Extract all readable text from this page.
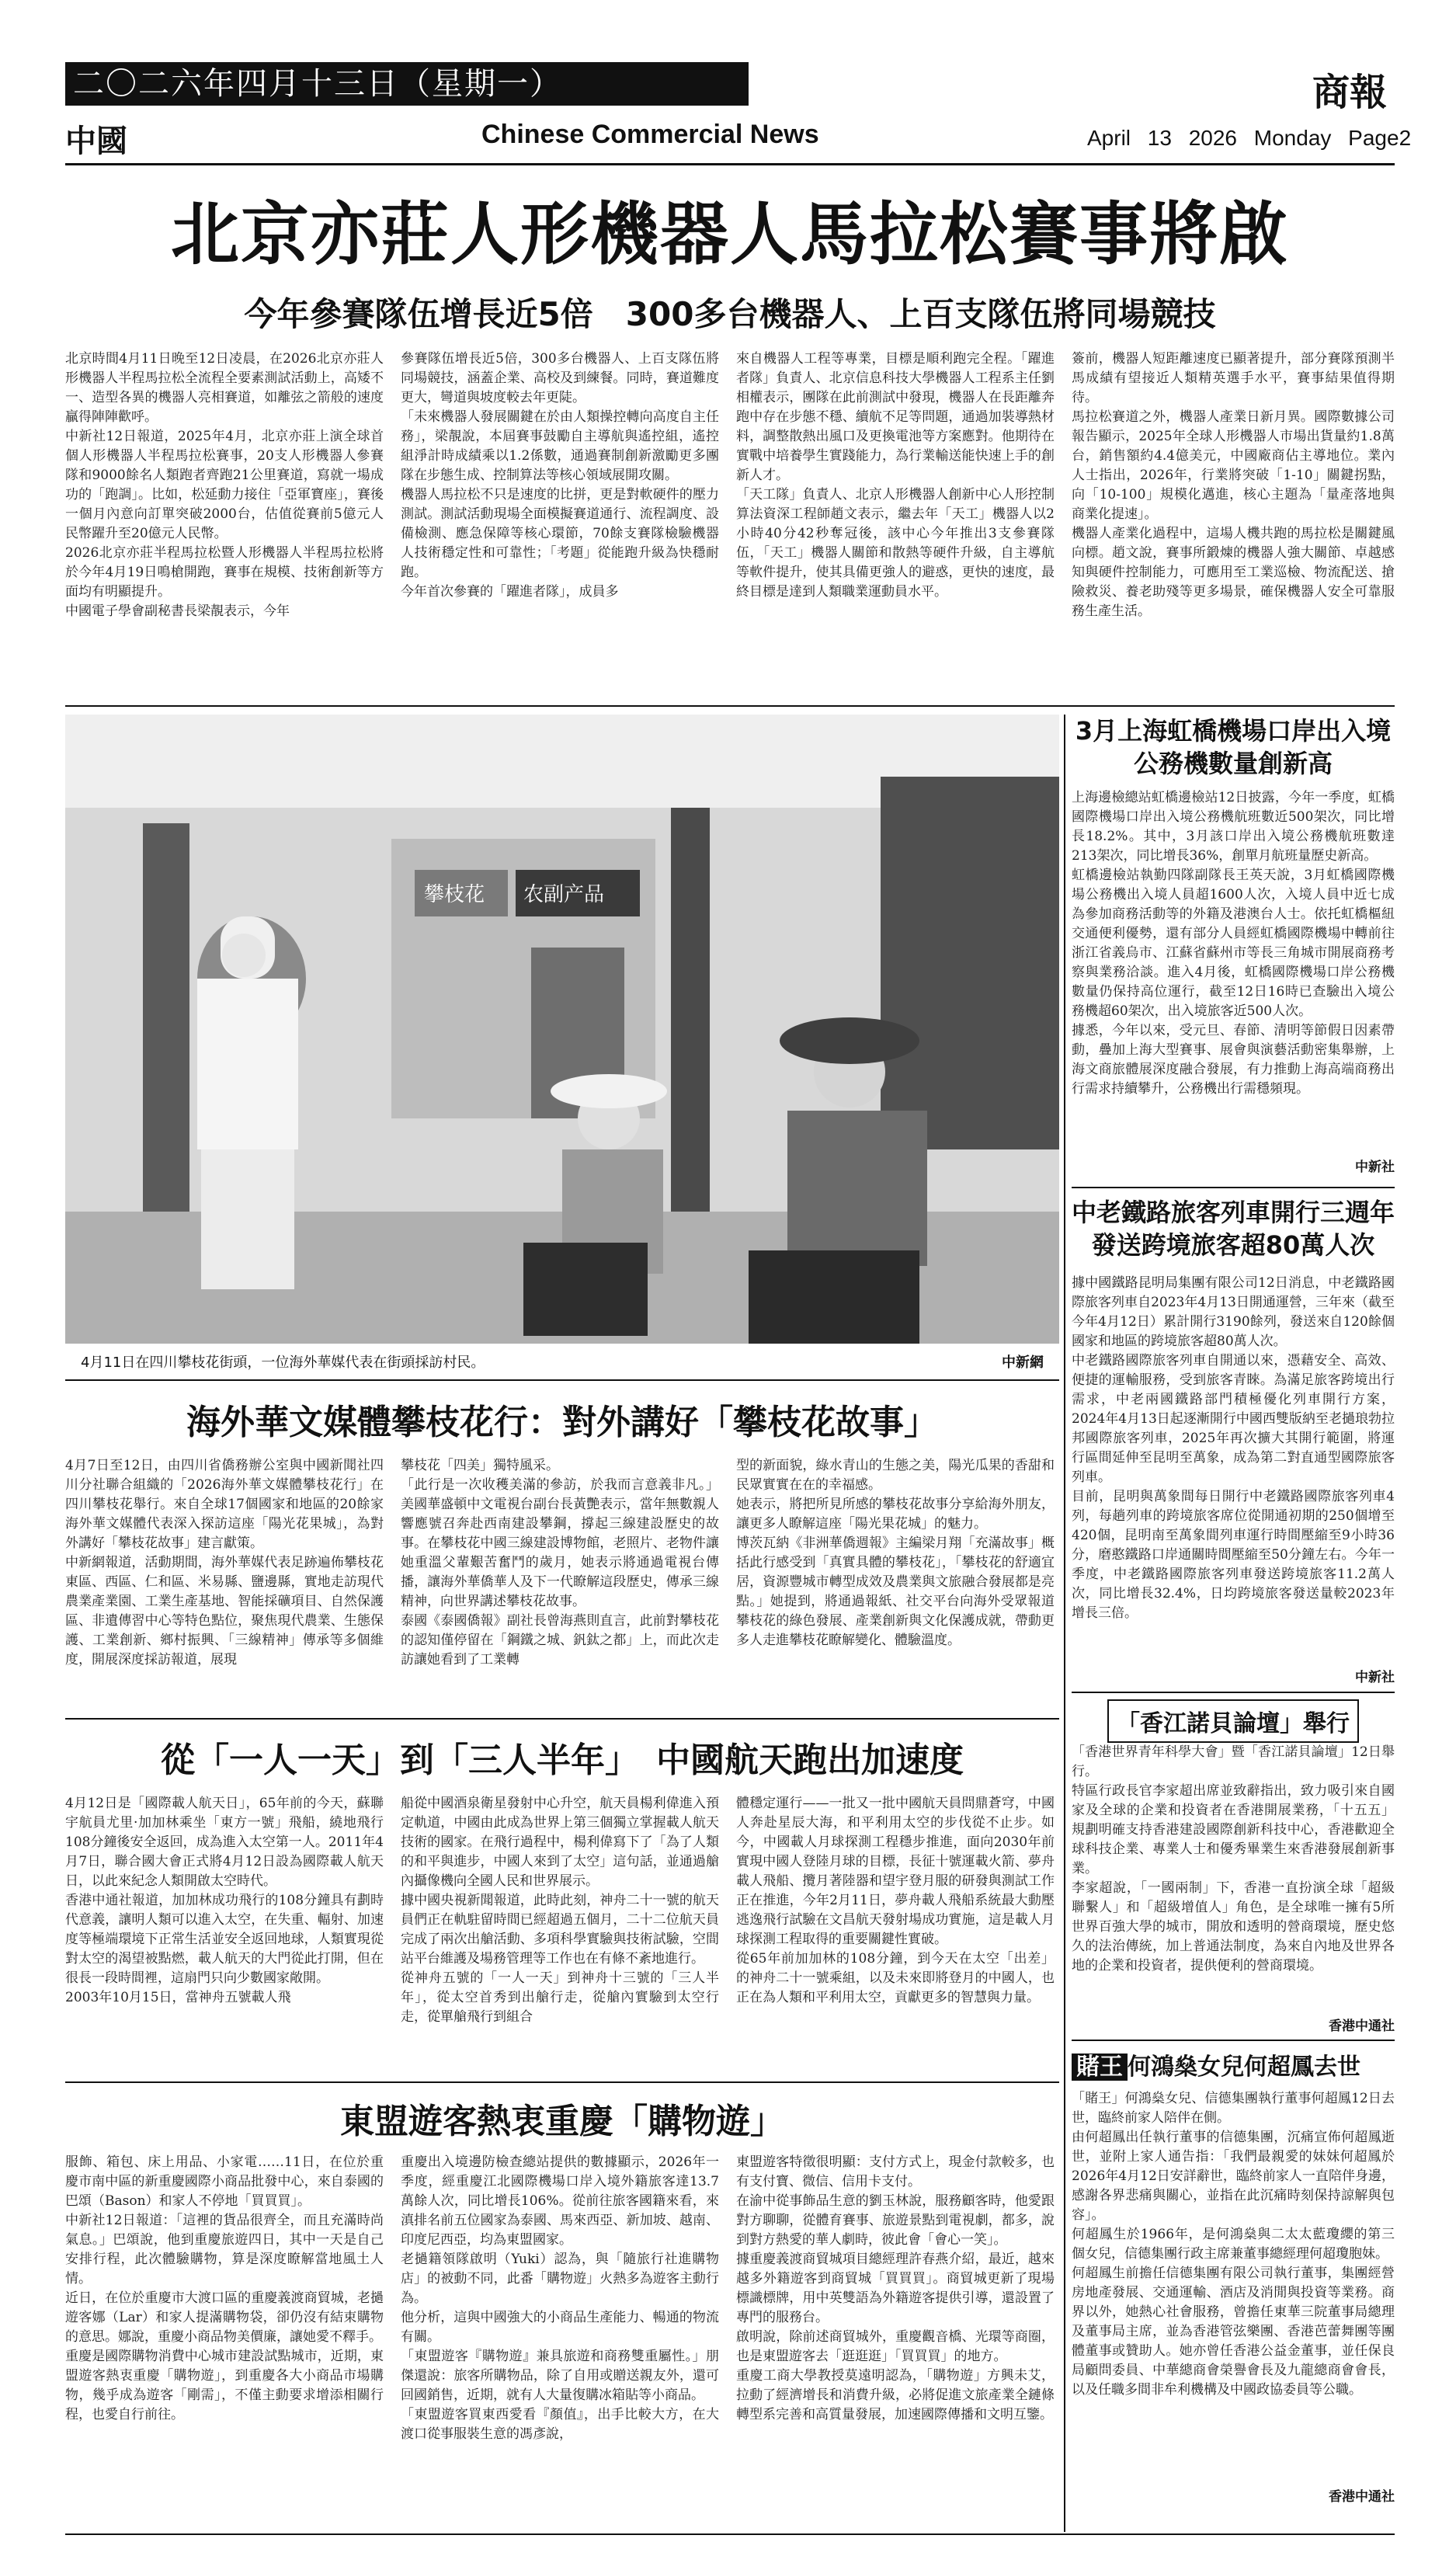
二〇二六年四月十三日（星期一）	商報
中國	Chinese Commercial News	April 13 2026 Monday Page2
北京亦莊人形機器人馬拉松賽事將啟
今年參賽隊伍增長近5倍　300多台機器人、上百支隊伍將同場競技
北京時間4月11日晚至12日凌晨，在2026北京亦莊人形機器人半程馬拉松全流程全要素測試活動上，高矮不一、造型各異的機器人亮相賽道，如離弦之箭般的速度贏得陣陣歡呼。
中新社12日報道，2025年4月，北京亦莊上演全球首個人形機器人半程馬拉松賽事，20支人形機器人參賽隊和9000餘名人類跑者齊跑21公里賽道，寫就一場成功的「跑調」。比如，松延動力接住「亞軍寶座」，賽後一個月內意向訂單突破2000台，估值從賽前5億元人民幣躍升至20億元人民幣。
2026北京亦莊半程馬拉松暨人形機器人半程馬拉松將於今年4月19日鳴槍開跑，賽事在規模、技術創新等方面均有明顯提升。
中國電子學會副秘書長梁靚表示，今年
參賽隊伍增長近5倍，300多台機器人、上百支隊伍將同場競技，涵蓋企業、高校及到練餐。同時，賽道難度更大，彎道與坡度較去年更陡。
「未來機器人發展關鍵在於由人類操控轉向高度自主任務」，梁靚說，本屆賽事鼓勵自主導航與遙控組，遙控組淨計時成績乘以1.2係數，通過賽制創新激勵更多團隊在步態生成、控制算法等核心領域展開攻關。
機器人馬拉松不只是速度的比拼，更是對軟硬件的壓力測試。測試活動現場全面模擬賽道通行、流程調度、設備檢測、應急保障等核心環節，70餘支賽隊檢驗機器人技術穩定性和可靠性；「考題」從能跑升級為快穩耐跑。
今年首次參賽的「躍進者隊」，成員多
來自機器人工程等專業，目標是順利跑完全程。「躍進者隊」負責人、北京信息科技大學機器人工程系主任劉相權表示，團隊在此前測試中發現，機器人在長距離奔跑中存在步態不穩、續航不足等問題，通過加裝導熱材料，調整散熱出風口及更換電池等方案應對。他期待在實戰中培養學生實踐能力，為行業輸送能快速上手的創新人才。
「天工隊」負責人、北京人形機器人創新中心人形控制算法資深工程師趙文表示，繼去年「天工」機器人以2小時40分42秒奪冠後，該中心今年推出3支參賽隊伍，「天工」機器人關節和散熱等硬件升級，自主導航等軟件提升，使其具備更強人的避惑，更快的速度，最終目標是達到人類職業運動員水平。
簽前，機器人短距離速度已顯著提升，部分賽隊預測半馬成績有望接近人類精英選手水平，賽事結果值得期待。
馬拉松賽道之外，機器人產業日新月異。國際數據公司報告顯示，2025年全球人形機器人市場出貨量約1.8萬台，銷售額約4.4億美元，中國廠商佔主導地位。業內人士指出，2026年，行業將突破「1-10」關鍵拐點，向「10-100」規模化邁進，核心主題為「量產落地與商業化提速」。
機器人產業化過程中，這場人機共跑的馬拉松是關鍵風向標。趙文說，賽事所鍛煉的機器人強大關節、卓越感知與硬件控制能力，可應用至工業巡檢、物流配送、搶險救災、養老助殘等更多場景，確保機器人安全可靠服務生產生活。
攀枝花 农副产品
4月11日在四川攀枝花街頭，一位海外華媒代表在街頭採訪村民。	中新網
3月上海虹橋機場口岸出入境公務機數量創新高
上海邊檢總站虹橋邊檢站12日披露，今年一季度，虹橋國際機場口岸出入境公務機航班數近500架次，同比增長18.2%。其中，3月該口岸出入境公務機航班數達213架次，同比增長36%，創單月航班量歷史新高。
虹橋邊檢站執勤四隊副隊長王英天說，3月虹橋國際機場公務機出入境人員超1600人次，入境人員中近七成為參加商務活動等的外籍及港澳台人士。依托虹橋樞紐交通便利優勢，還有部分人員經虹橋國際機場中轉前往浙江省義烏市、江蘇省蘇州市等長三角城市開展商務考察與業務洽談。進入4月後，虹橋國際機場口岸公務機數量仍保持高位運行，截至12日16時已查驗出入境公務機超60架次，出入境旅客近500人次。
據悉，今年以來，受元旦、春節、清明等節假日因素帶動，疊加上海大型賽事、展會與演藝活動密集舉辦，上海文商旅體展深度融合發展，有力推動上海高端商務出行需求持續攀升，公務機出行需穩頻現。
中新社
中老鐵路旅客列車開行三週年發送跨境旅客超80萬人次
據中國鐵路昆明局集團有限公司12日消息，中老鐵路國際旅客列車自2023年4月13日開通運營，三年來（截至今年4月12日）累計開行3190餘列，發送來自120餘個國家和地區的跨境旅客超80萬人次。
中老鐵路國際旅客列車自開通以來，憑藉安全、高效、便捷的運輸服務，受到旅客青睞。為滿足旅客跨境出行需求，中老兩國鐵路部門積極優化列車開行方案，2024年4月13日起逐漸開行中國西雙版納至老撾琅勃拉邦國際旅客列車，2025年再次擴大其開行範圍，將運行區間延伸至昆明至萬象，成為第二對直通型國際旅客列車。
目前，昆明與萬象間每日開行中老鐵路國際旅客列車4列，每趟列車的跨境旅客席位從開通初期的250個增至420個，昆明南至萬象間列車運行時間壓縮至9小時36分，磨憨鐵路口岸通關時間壓縮至50分鐘左右。今年一季度，中老鐵路國際旅客列車發送跨境旅客11.2萬人次，同比增長32.4%，日均跨境旅客發送量較2023年增長三倍。
中新社
「香江諾貝論壇」舉行
「香港世界青年科學大會」暨「香江諾貝論壇」12日舉行。
特區行政長官李家超出席並致辭指出，致力吸引來自國家及全球的企業和投資者在香港開展業務，「十五五」規劃明確支持香港建設國際創新科技中心，香港歡迎全球科技企業、專業人士和優秀畢業生來香港發展創新事業。
李家超說，「一國兩制」下，香港一直扮演全球「超級聯繫人」和「超級增值人」角色，是全球唯一擁有5所世界百強大學的城市，開放和透明的營商環境，歷史悠久的法治傳統，加上普通法制度，為來自內地及世界各地的企業和投資者，提供便利的營商環境。
香港中通社
賭王 何鴻燊女兒何超鳳去世
「賭王」何鴻燊女兒、信德集團執行董事何超鳳12日去世，臨終前家人陪伴在側。
由何超鳳出任執行董事的信德集團，沉痛宣佈何超鳳逝世，並附上家人通告指：「我們最親愛的妹妹何超鳳於2026年4月12日安詳辭世，臨終前家人一直陪伴身邊，感謝各界悲痛與關心，並指在此沉痛時刻保持諒解與包容」。
何超鳳生於1966年，是何鴻燊與二太太藍瓊纓的第三個女兒，信德集團行政主席兼董事總經理何超瓊胞妹。
何超鳳生前擔任信德集團有限公司執行董事，集團經營房地產發展、交通運輸、酒店及消閒與投資等業務。商界以外，她熱心社會服務，曾擔任東華三院董事局總理及董事局主席，並為香港管弦樂團、香港芭蕾舞團等團體董事或贊助人。她亦曾任香港公益金董事，並任保良局顧問委員、中華總商會榮譽會長及九龍總商會會長，以及任職多間非牟利機構及中國政協委員等公職。
香港中通社
海外華文媒體攀枝花行：對外講好「攀枝花故事」
4月7日至12日，由四川省僑務辦公室與中國新聞社四川分社聯合組織的「2026海外華文媒體攀枝花行」在四川攀枝花舉行。來自全球17個國家和地區的20餘家海外華文媒體代表深入探訪這座「陽光花果城」，為對外講好「攀枝花故事」建言獻策。
中新網報道，活動期間，海外華媒代表足跡遍佈攀枝花東區、西區、仁和區、米易縣、鹽邊縣，實地走訪現代農業產業園、工業生產基地、智能採礦項目、自然保護區、非遺傳習中心等特色點位，聚焦現代農業、生態保護、工業創新、鄉村振興、「三線精神」傳承等多個維度，開展深度採訪報道，展現
攀枝花「四美」獨特風采。
「此行是一次收穫美滿的參訪，於我而言意義非凡。」美國華盛頓中文電視台副台長黃艷表示，當年無數親人響應號召奔赴西南建設攀鋼，撐起三線建設歷史的故事。在攀枝花中國三線建設博物館，老照片、老物件讓她重溫父輩艱苦奮鬥的歲月，她表示將通過電視台傳播，讓海外華僑華人及下一代瞭解這段歷史，傳承三線精神，向世界講述攀枝花故事。
泰國《泰國僑報》副社長曾海燕則直言，此前對攀枝花的認知僅停留在「鋼鐵之城、釩鈦之都」上，而此次走訪讓她看到了工業轉
型的新面貌，綠水青山的生態之美，陽光瓜果的香甜和民眾實實在在的幸福感。
她表示，將把所見所感的攀枝花故事分享給海外朋友，讓更多人瞭解這座「陽光果花城」的魅力。
博茨瓦納《非洲華僑週報》主編梁月翔「充滿故事」概括此行感受到「真實具體的攀枝花」，「攀枝花的舒適宜居，資源豐城市轉型成效及農業與文旅融合發展都是亮點。」她提到，將通過報紙、社交平台向海外受眾報道攀枝花的綠色發展、產業創新與文化保護成就，帶動更多人走進攀枝花瞭解變化、體驗溫度。
從「一人一天」到「三人半年」　中國航天跑出加速度
4月12日是「國際載人航天日」，65年前的今天，蘇聯宇航員尤里·加加林乘坐「東方一號」飛船，繞地飛行108分鐘後安全返回，成為進入太空第一人。2011年4月7日，聯合國大會正式將4月12日設為國際載人航天日，以此來紀念人類開啟太空時代。
香港中通社報道，加加林成功飛行的108分鐘具有劃時代意義，讓明人類可以進入太空，在失重、輻射、加速度等極端環境下正常生活並安全返回地球，人類實現從對太空的渴望被點燃，載人航天的大門從此打開，但在很長一段時間裡，這扇門只向少數國家敞開。
2003年10月15日，當神舟五號載人飛
船從中國酒泉衛星發射中心升空，航天員楊利偉進入預定軌道，中國由此成為世界上第三個獨立掌握載人航天技術的國家。在飛行過程中，楊利偉寫下了「為了人類的和平與進步，中國人來到了太空」這句話，並通過艙內攝像機向全國人民和世界展示。
據中國央視新聞報道，此時此刻，神舟二十一號的航天員們正在軌駐留時間已經超過五個月，二十二位航天員完成了兩次出艙活動、多項科學實驗與技術試驗，空間站平台維護及場務管理等工作也在有條不紊地進行。
從神舟五號的「一人一天」到神舟十三號的「三人半年」，從太空首秀到出艙行走，從艙內實驗到太空行走，從單艙飛行到組合
體穩定運行——一批又一批中國航天員問鼎蒼穹，中國人奔赴星辰大海，和平利用太空的步伐從不止步。如今，中國載人月球探測工程穩步推進，面向2030年前實現中國人登陸月球的目標，長征十號運載火箭、夢舟載人飛船、攬月著陸器和望宇登月服的研發與測試工作正在推進，今年2月11日，夢舟載人飛船系統最大動壓逃逸飛行試驗在文昌航天發射場成功實施，這是載人月球探測工程取得的重要關鍵性實破。
從65年前加加林的108分鐘，到今天在太空「出差」的神舟二十一號乘組，以及未來即將登月的中國人，也正在為人類和平利用太空，貢獻更多的智慧與力量。
東盟遊客熱衷重慶「購物遊」
服飾、箱包、床上用品、小家電……11日，在位於重慶市南中區的新重慶國際小商品批發中心，來自泰國的巴頌（Bason）和家人不停地「買買買」。
中新社12日報道：「這裡的貨品很齊全，而且充滿時尚氣息。」巴頌說，他到重慶旅遊四日，其中一天是自己安排行程，此次體驗購物，算是深度瞭解當地風土人情。
近日，在位於重慶市大渡口區的重慶義渡商貿城，老撾遊客娜（Lar）和家人提滿購物袋，卻仍沒有結束購物的意思。娜說，重慶小商品物美價廉，讓她愛不釋手。
重慶是國際購物消費中心城市建設試點城市，近期，東盟遊客熱衷重慶「購物遊」，到重慶各大小商品市場購物，幾乎成為遊客「剛需」，不僅主動要求增添相關行程，也愛自行前往。
重慶出入境邊防檢查總站提供的數據顯示，2026年一季度，經重慶江北國際機場口岸入境外籍旅客達13.7萬餘人次，同比增長106%。從前往旅客國籍來看，來滇排名前五位國家為泰國、馬來西亞、新加坡、越南、印度尼西亞，均為東盟國家。
老撾籍領隊啟明（Yuki）認為，與「隨旅行社進購物店」的被動不同，此番「購物遊」火熱多為遊客主動行為。
他分析，這與中國強大的小商品生產能力、暢通的物流有關。
「東盟遊客『購物遊』兼具旅遊和商務雙重屬性。」朋傑還說：旅客所購物品，除了自用或贈送親友外，還可回國銷售，近期，就有人大量復購冰箱貼等小商品。
「東盟遊客買東西愛看『顏值』，出手比較大方，在大渡口從事服裝生意的馮彥說，
東盟遊客特徵很明顯：支付方式上，現金付款較多，也有支付寶、微信、信用卡支付。
在渝中從事飾品生意的劉玉林說，服務顧客時，他愛跟對方聊聊，從體育賽事、旅遊景點到電視劇，都多，說到對方熱愛的華人劇時，彼此會「會心一笑」。
據重慶義渡商貿城項目總經理許春燕介紹，最近，越來越多外籍遊客到商貿城「買買買」。商貿城更新了現場標識標牌，用中英雙語為外籍遊客提供引導，還設置了專門的服務台。
啟明說，除前述商貿城外，重慶觀音橋、光環等商圈，也是東盟遊客去「逛逛逛」「買買買」的地方。
重慶工商大學教授莫遠明認為，「購物遊」方興未艾，拉動了經濟增長和消費升級，必將促進文旅產業全鏈條轉型系完善和高質量發展，加速國際傳播和文明互鑒。
